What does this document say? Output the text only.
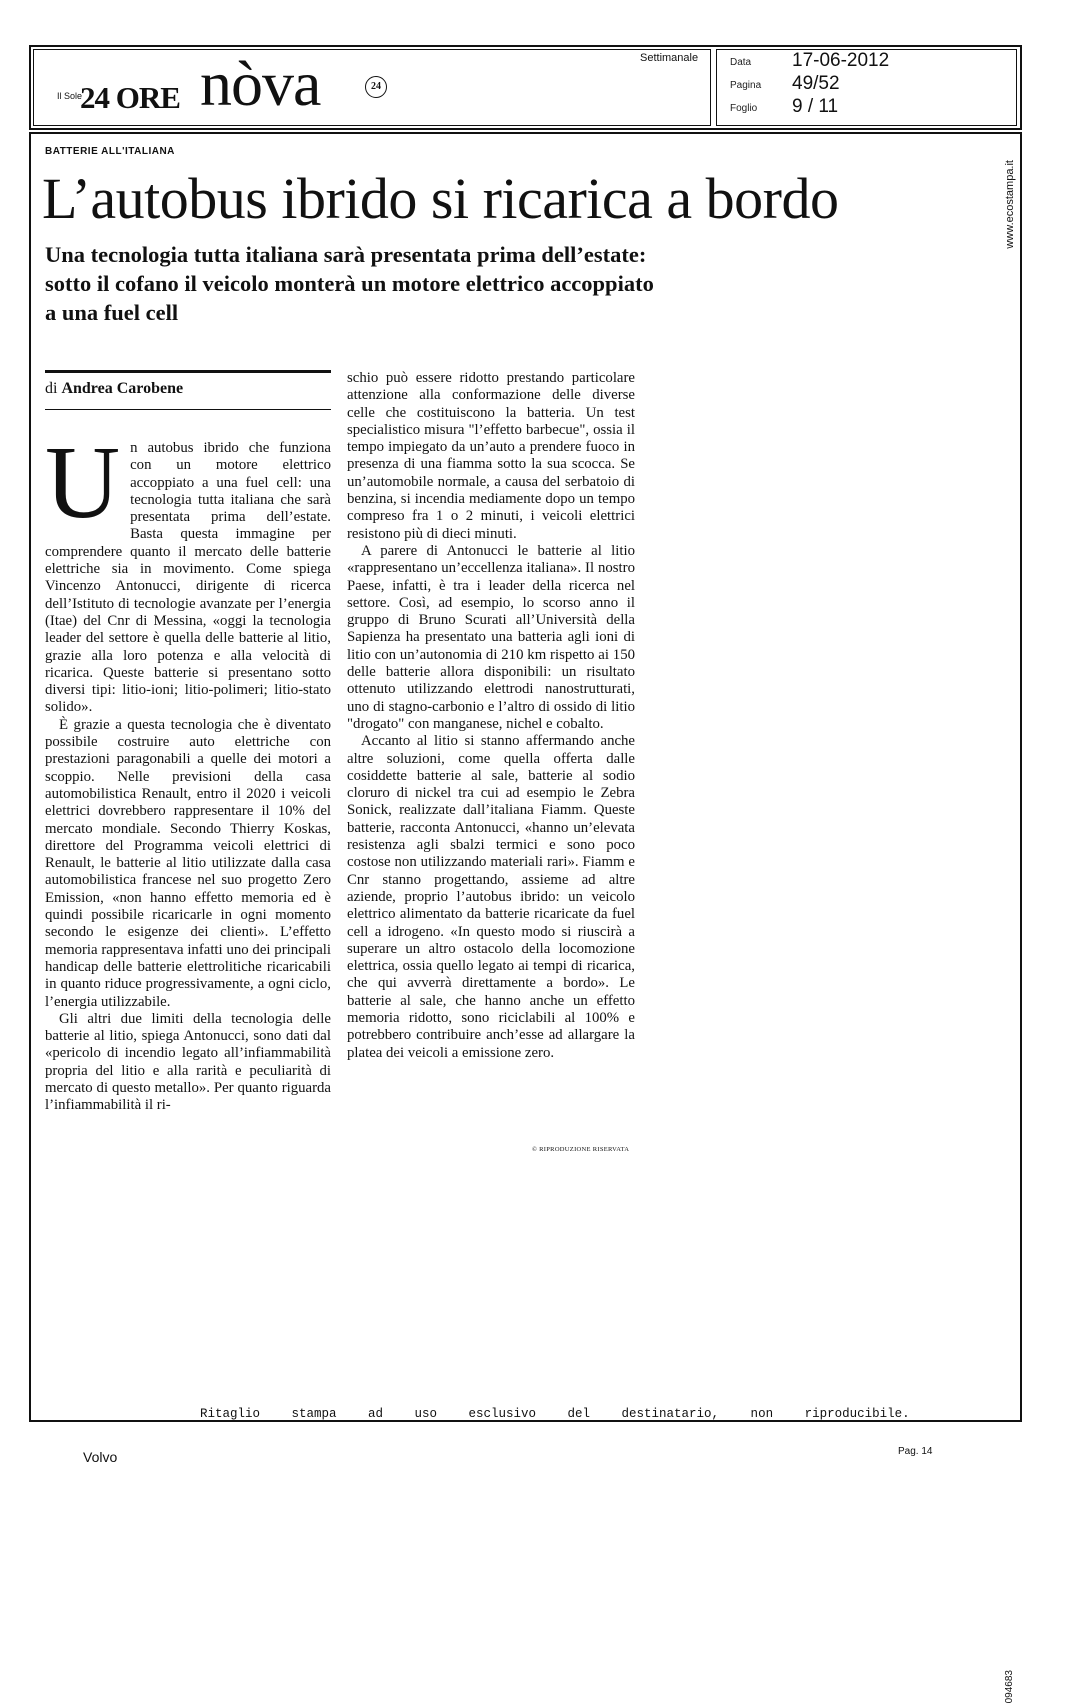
Il Sole
24 ORE nòva	24
Settimanale	Data 17-06-2012
Pagina 49/52
Foglio 9 / 11
www.ecostampa.it
094683
BATTERIE ALL'ITALIANA
L’autobus ibrido si ricarica a bordo
Una tecnologia tutta italiana sarà presentata prima dell’estate: sotto il cofano il veicolo monterà un motore elettrico accoppiato a una fuel cell
di Andrea Carobene

Un autobus ibrido che funziona con un motore elettrico accoppiato a una fuel cell: una tecnologia tutta italiana che sarà presentata prima dell’estate. Basta questa immagine per comprendere quanto il mercato delle batterie elettriche sia in movimento. Come spiega Vincenzo Antonucci, dirigente di ricerca dell’Istituto di tecnologie avanzate per l’energia (Itae) del Cnr di Messina, «oggi la tecnologia leader del settore è quella delle batterie al litio, grazie alla loro potenza e alla velocità di ricarica. Queste batterie si presentano sotto diversi tipi: litio-ioni; litio-polimeri; litio-stato solido».

È grazie a questa tecnologia che è diventato possibile costruire auto elettriche con prestazioni paragonabili a quelle dei motori a scoppio. Nelle previsioni della casa automobilistica Renault, entro il 2020 i veicoli elettrici dovrebbero rappresentare il 10% del mercato mondiale. Secondo Thierry Koskas, direttore del Programma veicoli elettrici di Renault, le batterie al litio utilizzate dalla casa automobilistica francese nel suo progetto Zero Emission, «non hanno effetto memoria ed è quindi possibile ricaricarle in ogni momento secondo le esigenze dei clienti». L’effetto memoria rappresentava infatti uno dei principali handicap delle batterie elettrolitiche ricaricabili in quanto riduce progressivamente, a ogni ciclo, l’energia utilizzabile.

Gli altri due limiti della tecnologia delle batterie al litio, spiega Antonucci, sono dati dal «pericolo di incendio legato all’infiammabilità propria del litio e alla rarità e peculiarità di mercato di questo metallo». Per quanto riguarda l’infiammabilità il ri-

schio può essere ridotto prestando particolare attenzione alla conformazione delle diverse celle che costituiscono la batteria. Un test specialistico misura "l’effetto barbecue", ossia il tempo impiegato da un’auto a prendere fuoco in presenza di una fiamma sotto la sua scocca. Se un’automobile normale, a causa del serbatoio di benzina, si incendia mediamente dopo un tempo compreso fra 1 o 2 minuti, i veicoli elettrici resistono più di dieci minuti.

A parere di Antonucci le batterie al litio «rappresentano un’eccellenza italiana». Il nostro Paese, infatti, è tra i leader della ricerca nel settore. Così, ad esempio, lo scorso anno il gruppo di Bruno Scurati all’Università della Sapienza ha presentato una batteria agli ioni di litio con un’autonomia di 210 km rispetto ai 150 delle batterie allora disponibili: un risultato ottenuto utilizzando elettrodi nanostrutturati, uno di stagno-carbonio e l’altro di ossido di litio "drogato" con manganese, nichel e cobalto.

Accanto al litio si stanno affermando anche altre soluzioni, come quella offerta dalle cosiddette batterie al sale, batterie al sodio cloruro di nickel tra cui ad esempio le Zebra Sonick, realizzate dall’italiana Fiamm. Queste batterie, racconta Antonucci, «hanno un’elevata resistenza agli sbalzi termici e sono poco costose non utilizzando materiali rari». Fiamm e Cnr stanno progettando, assieme ad altre aziende, proprio l’autobus ibrido: un veicolo elettrico alimentato da batterie ricaricate da fuel cell a idrogeno. «In questo modo si riuscirà a superare un altro ostacolo della locomozione elettrica, ossia quello legato ai tempi di ricarica, che qui avverrà direttamente a bordo». Le batterie al sale, che hanno anche un effetto memoria ridotto, sono riciclabili al 100% e potrebbero contribuire anch’esse ad allargare la platea dei veicoli a emissione zero.

© RIPRODUZIONE RISERVATA
Ritaglio stampa ad uso esclusivo del destinatario, non riproducibile.
Volvo	Pag. 14
